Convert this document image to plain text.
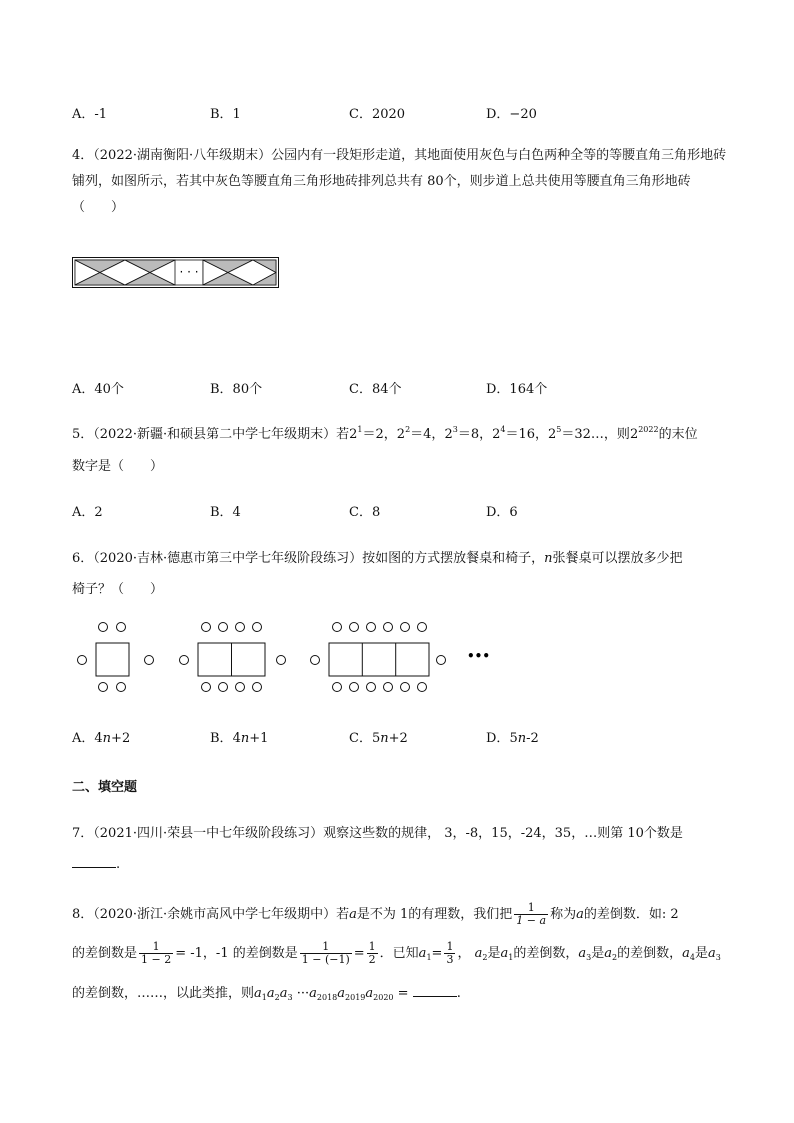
A．-1	B．1	C．2020	D．−20
4．（2022·湖南衡阳·八年级期末）公园内有一段矩形走道，其地面使用灰色与白色两种全等的等腰直角三角形地砖铺列，如图所示，若其中灰色等腰直角三角形地砖排列总共有 80个，则步道上总共使用等腰直角三角形地砖（　　）
· · ·
A．40个	B．80个	C．84个	D．164个
5．（2022·新疆·和硕县第二中学七年级期末）若$2^1=2$，$2^2=4$，$2^3=8$，$2^4=16$，$2^5=32\dots$，则$2^{2022}$的末位
数字是（　　）
A．2	B．4	C．8	D．6
6．（2020·吉林·德惠市第三中学七年级阶段练习）按如图的方式摆放餐桌和椅子，n张餐桌可以摆放多少把
椅子？（　　）
•••
A．4n+2	B．4n+1	C．5n+2	D．5n-2
二、填空题
7．（2021·四川·荣县一中七年级阶段练习）观察这些数的规律， 3，-8，15，-24，35，…则第 10个数是
.
8．（2020·浙江·余姚市高风中学七年级期中）若a是不为 1的有理数，我们把 $\frac{1}{1 - a}$ 称为a的差倒数．如: 2
的差倒数是 $\frac{1}{1 - 2} = -1$，-1 的差倒数是 $\frac{1}{1 - (-1)} = \frac{1}{2}$ ．已知$a_1= \frac{1}{3}$ ， $a_2$是$a_1$的差倒数，$a_3$是$a_2$的差倒数，$a_4$是$a_3$
的差倒数，……，以此类推，则$a_1a_2a_3 \cdot\cdot\cdot a_{2018}a_{2019}a_{2020}$ =	.
